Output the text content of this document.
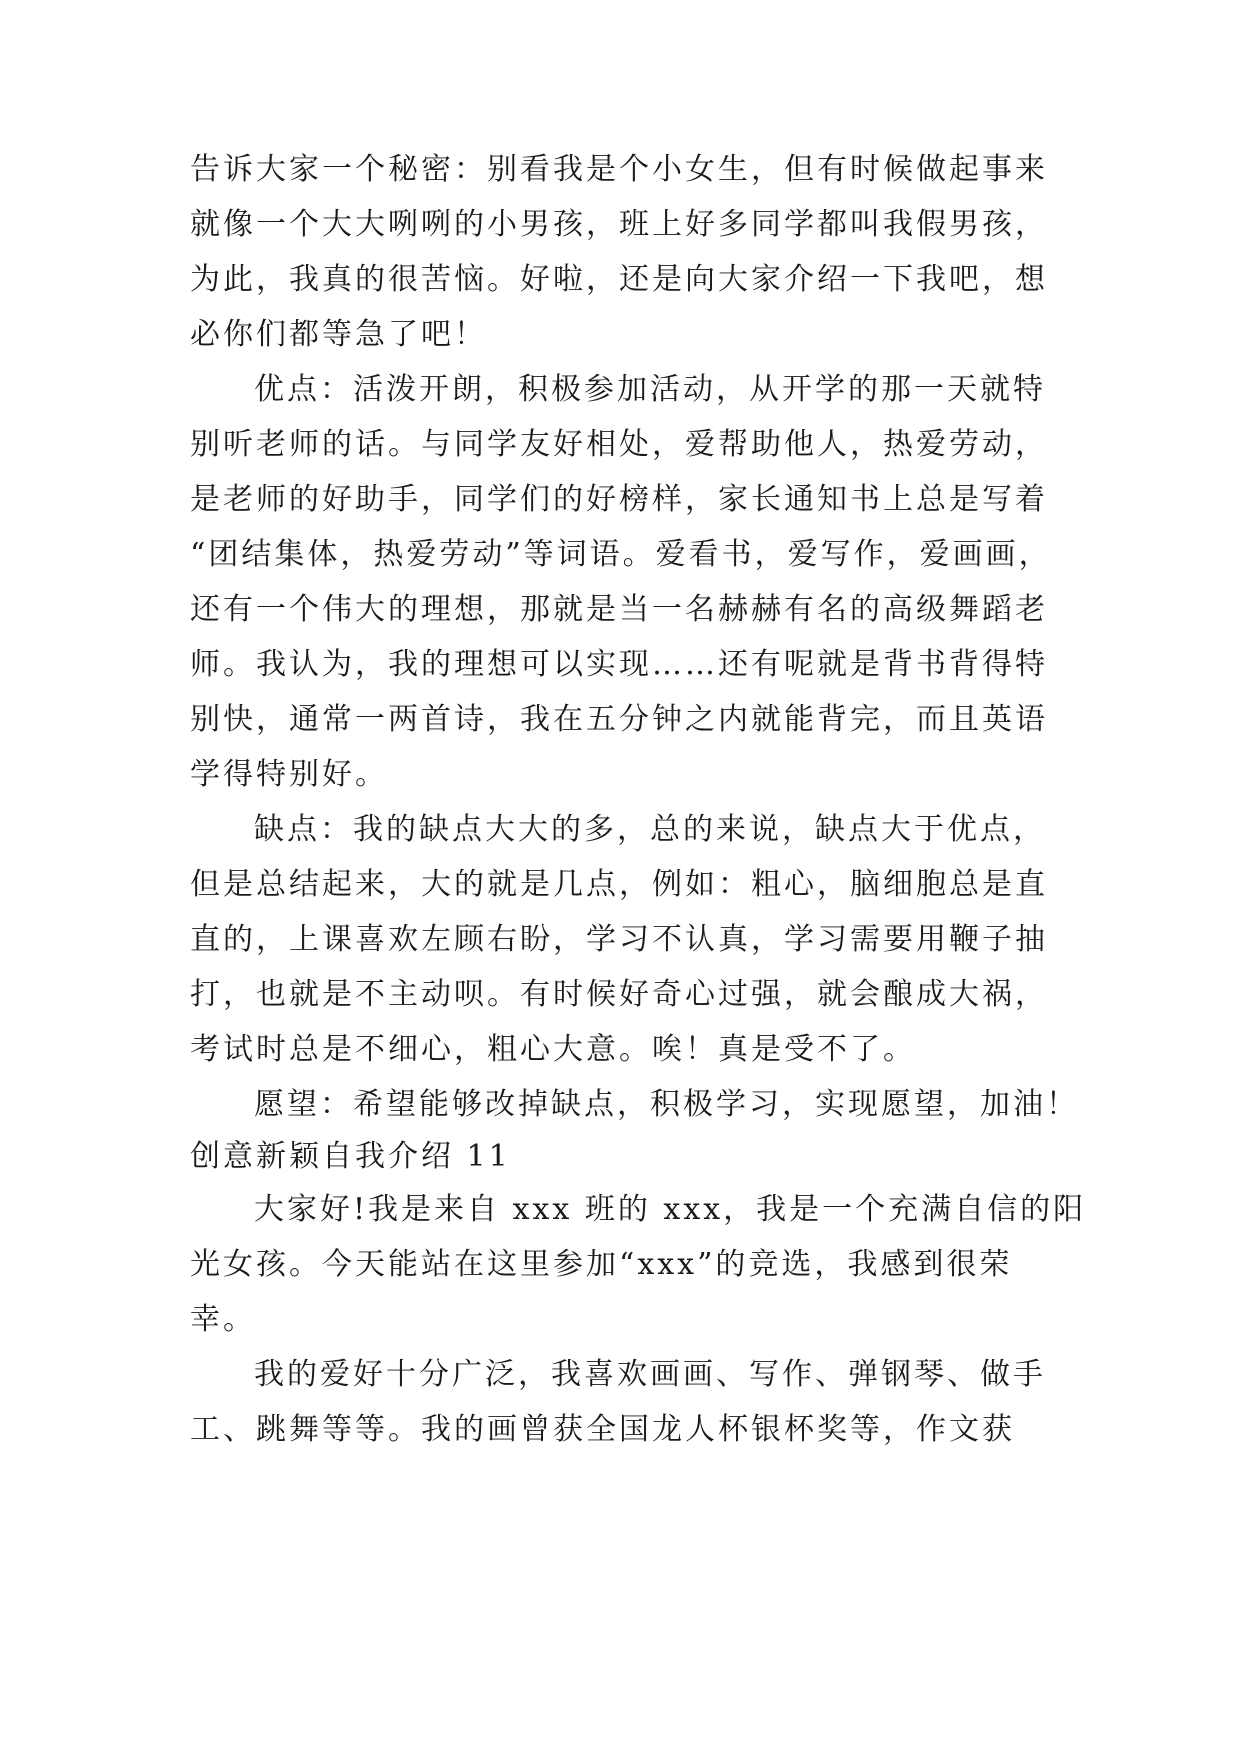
告诉大家一个秘密：别看我是个小女生，但有时候做起事来
就像一个大大咧咧的小男孩，班上好多同学都叫我假男孩，
为此，我真的很苦恼。好啦，还是向大家介绍一下我吧，想
必你们都等急了吧！
优点：活泼开朗，积极参加活动，从开学的那一天就特
别听老师的话。与同学友好相处，爱帮助他人，热爱劳动，
是老师的好助手，同学们的好榜样，家长通知书上总是写着
“团结集体，热爱劳动”等词语。爱看书，爱写作，爱画画，
还有一个伟大的理想，那就是当一名赫赫有名的高级舞蹈老
师。我认为，我的理想可以实现……还有呢就是背书背得特
别快，通常一两首诗，我在五分钟之内就能背完，而且英语
学得特别好。
缺点：我的缺点大大的多，总的来说，缺点大于优点，
但是总结起来，大的就是几点，例如：粗心，脑细胞总是直
直的，上课喜欢左顾右盼，学习不认真，学习需要用鞭子抽
打，也就是不主动呗。有时候好奇心过强，就会酿成大祸，
考试时总是不细心，粗心大意。唉！真是受不了。
愿望：希望能够改掉缺点，积极学习，实现愿望，加油！
创意新颖自我介绍 11
大家好!我是来自 xxx 班的 xxx，我是一个充满自信的阳
光女孩。今天能站在这里参加“xxx”的竞选，我感到很荣
幸。
我的爱好十分广泛，我喜欢画画、写作、弹钢琴、做手
工、跳舞等等。我的画曾获全国龙人杯银杯奖等，作文获
